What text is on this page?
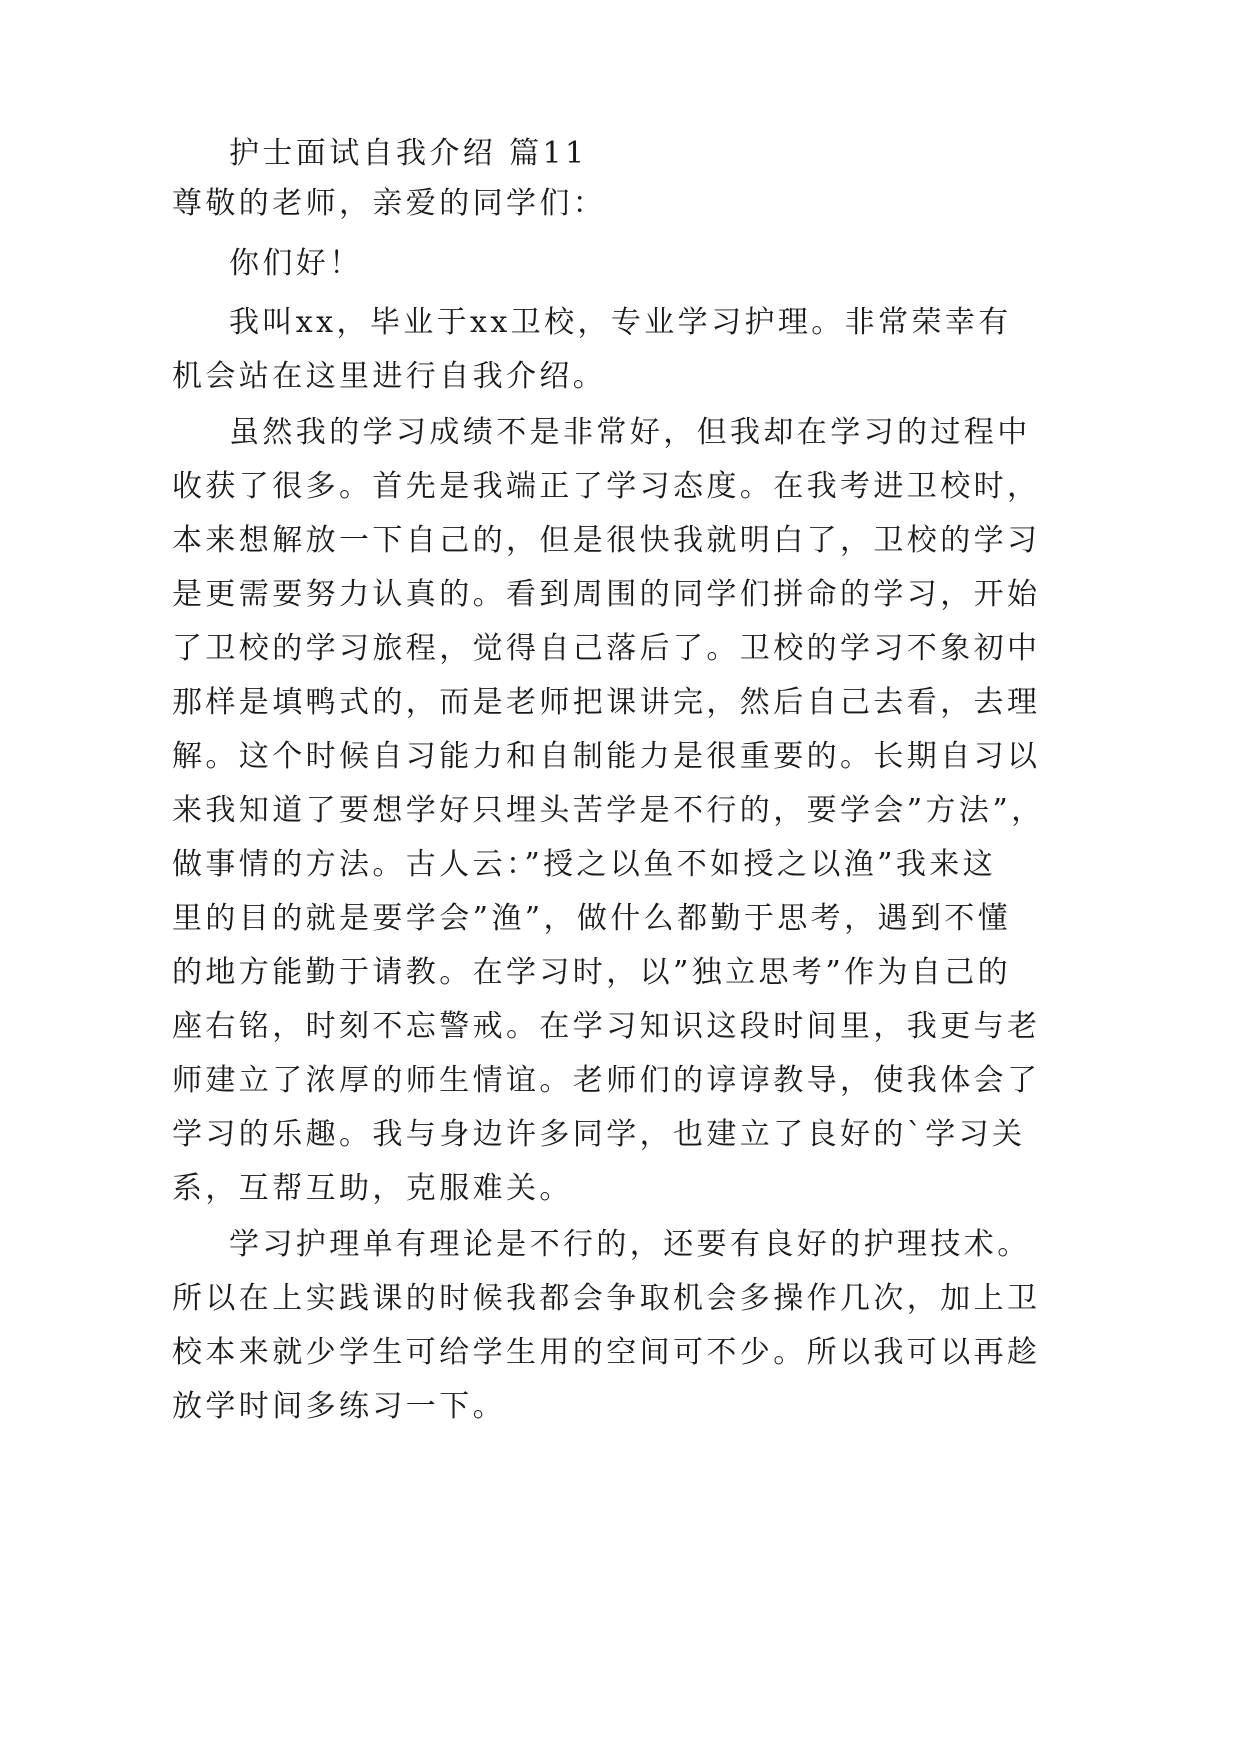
护士面试自我介绍 篇11
尊敬的老师，亲爱的同学们：
你们好！
我叫xx，毕业于xx卫校，专业学习护理。非常荣幸有
机会站在这里进行自我介绍。
虽然我的学习成绩不是非常好，但我却在学习的过程中
收获了很多。首先是我端正了学习态度。在我考进卫校时，
本来想解放一下自己的，但是很快我就明白了，卫校的学习
是更需要努力认真的。看到周围的同学们拼命的学习，开始
了卫校的学习旅程，觉得自己落后了。卫校的学习不象初中
那样是填鸭式的，而是老师把课讲完，然后自己去看，去理
解。这个时候自习能力和自制能力是很重要的。长期自习以
来我知道了要想学好只埋头苦学是不行的，要学会”方法”，
做事情的方法。古人云：”授之以鱼不如授之以渔”我来这
里的目的就是要学会”渔”，做什么都勤于思考，遇到不懂
的地方能勤于请教。在学习时，以”独立思考”作为自己的
座右铭，时刻不忘警戒。在学习知识这段时间里，我更与老
师建立了浓厚的师生情谊。老师们的谆谆教导，使我体会了
学习的乐趣。我与身边许多同学，也建立了良好的`学习关
系，互帮互助，克服难关。
学习护理单有理论是不行的，还要有良好的护理技术。
所以在上实践课的时候我都会争取机会多操作几次，加上卫
校本来就少学生可给学生用的空间可不少。所以我可以再趁
放学时间多练习一下。
